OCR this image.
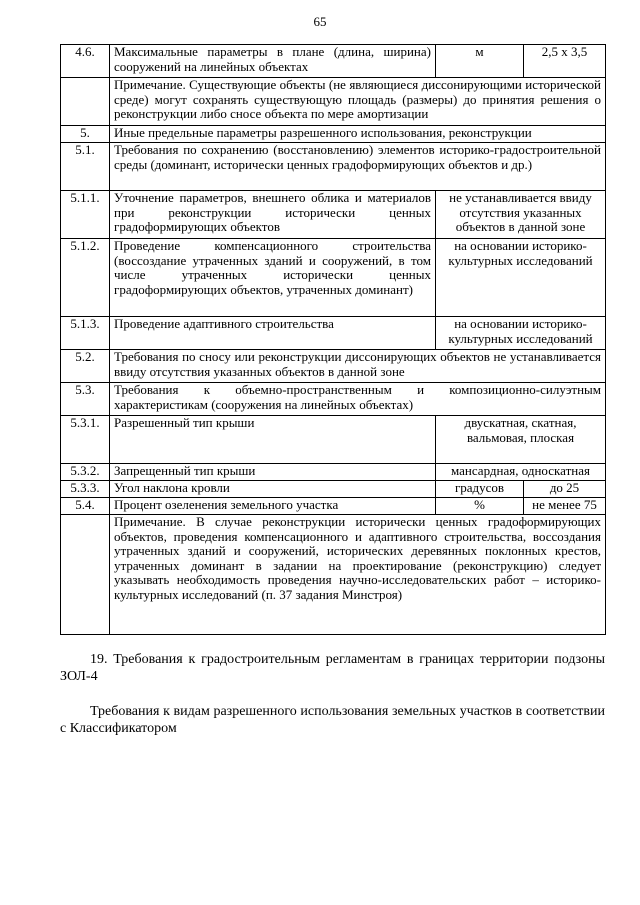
65
4.6.	Максимальные параметры в плане (длина, ширина) сооружений на линейных объектах	м	2,5 х 3,5
	Примечание. Существующие объекты (не являющиеся диссонирующими исторической среде) могут сохранять существующую площадь (размеры) до принятия решения о реконструкции либо сносе объекта по мере амортизации		
5.	Иные предельные параметры разрешенного использования, реконструкции		
5.1.	Требования по сохранению (восстановлению) элементов историко-градостроительной среды (доминант, исторически ценных градоформирующих объектов и др.)		
5.1.1.	Уточнение параметров, внешнего облика и материалов при реконструкции исторически ценных градоформирующих объектов	не устанавливается ввиду отсутствия указанных объектов в данной зоне	
5.1.2.	Проведение компенсационного строительства (воссоздание утраченных зданий и сооружений, в том числе утраченных исторически ценных градоформирующих объектов, утраченных доминант)	на основании историко-культурных исследований	
5.1.3.	Проведение адаптивного строительства	на основании историко-культурных исследований	
5.2.	Требования по сносу или реконструкции диссонирующих объектов не устанавливается ввиду отсутствия указанных объектов в данной зоне		
5.3.	Требования к объемно-пространственным и композиционно-силуэтным характеристикам (сооружения на линейных объектах)		
5.3.1.	Разрешенный тип крыши	двускатная, скатная, вальмовая, плоская	
5.3.2.	Запрещенный тип крыши	мансардная, односкатная	
5.3.3.	Угол наклона кровли	градусов	до 25
5.4.	Процент озеленения земельного участка	%	не менее 75
	Примечание. В случае реконструкции исторически ценных градоформирующих объектов, проведения компенсационного и адаптивного строительства, воссоздания утраченных зданий и сооружений, исторических деревянных поклонных крестов, утраченных доминант в задании на проектирование (реконструкцию) следует указывать необходимость проведения научно-исследовательских работ – историко-культурных исследований (п. 37 задания Минстроя)		

19. Требования к градостроительным регламентам в границах территории подзоны ЗОЛ-4

Требования к видам разрешенного использования земельных участков в соответствии с Классификатором
